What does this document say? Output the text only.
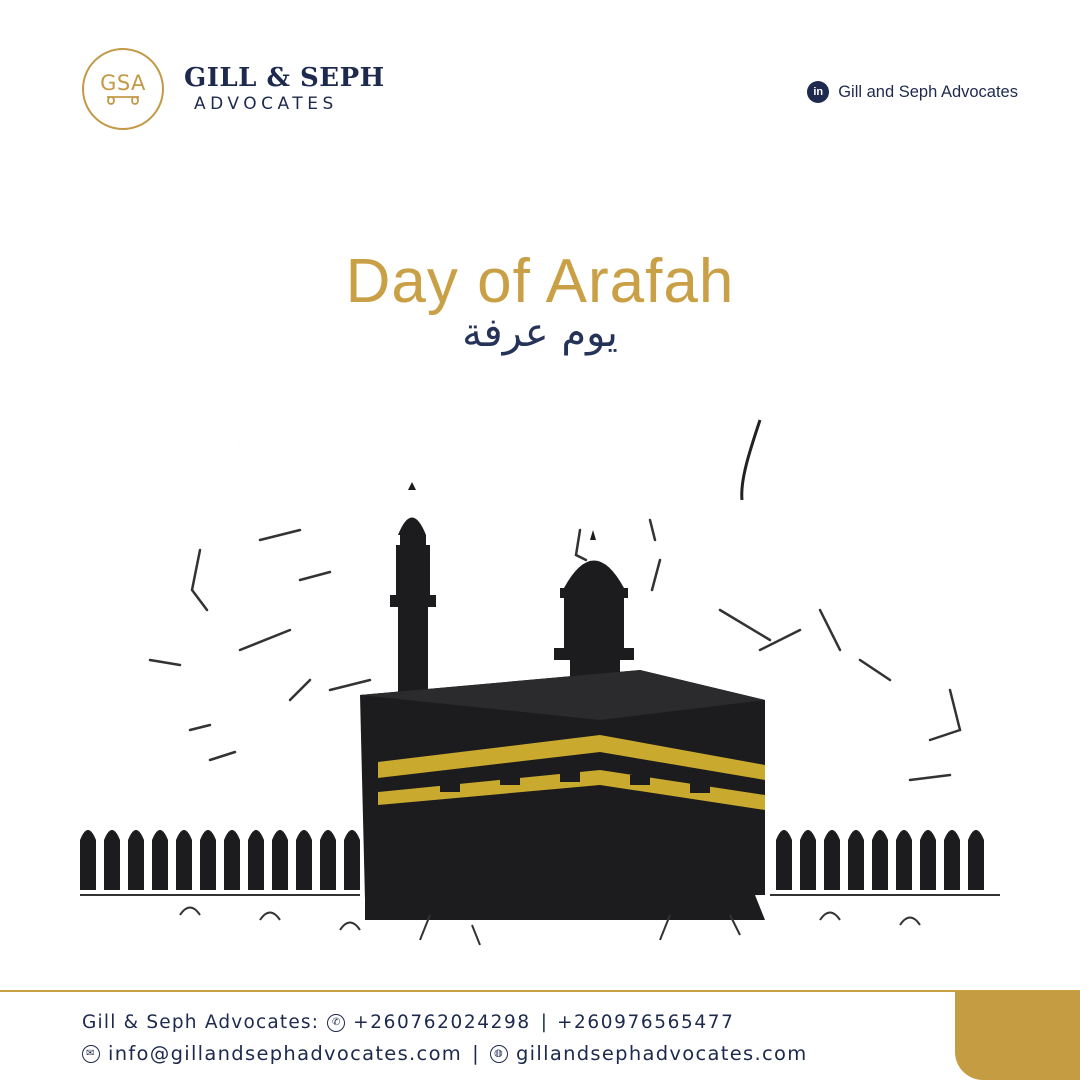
GSA GILL & SEPH
ADVOCATES
in Gill and Seph Advocates
Day of Arafah
يوم عرفة
Gill & Seph Advocates:	✆ +260762024298 | +260976565477
✉ info@gillandsephadvocates.com |	◍ gillandsephadvocates.com
